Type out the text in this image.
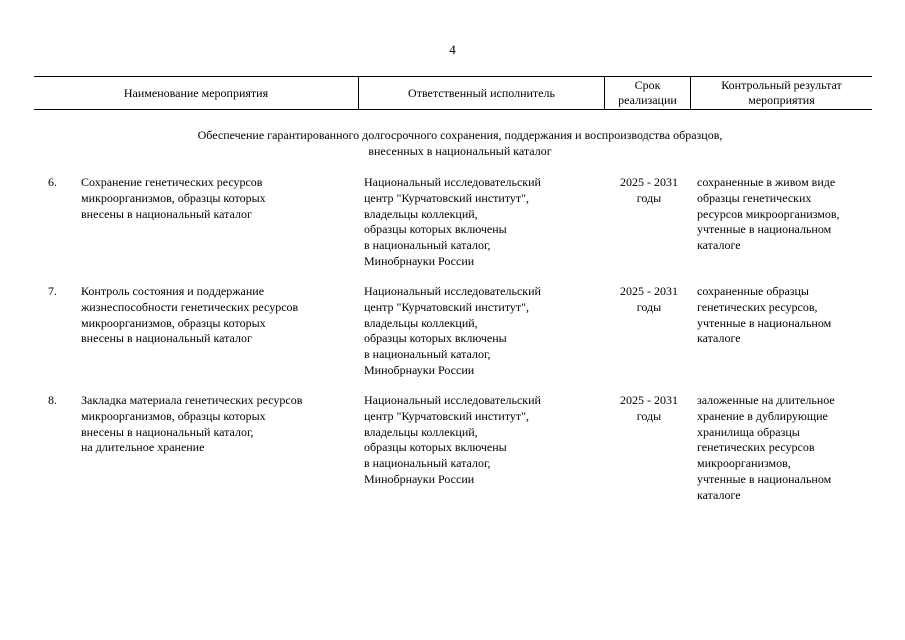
4
Наименование мероприятия	Ответственный исполнитель
Срок
реализации
Контрольный результат
мероприятия
Обеспечение гарантированного долгосрочного сохранения, поддержания и воспроизводства образцов,
внесенных в национальный каталог
6. Сохранение генетических ресурсов
микроорганизмов, образцы которых
внесены в национальный каталог
Национальный исследовательский
центр "Курчатовский институт",
владельцы коллекций,
образцы которых включены
в национальный каталог,
Минобрнауки России
2025 - 2031
годы
сохраненные в живом виде
образцы генетических
ресурсов микроорганизмов,
учтенные в национальном
каталоге
7. Контроль состояния и поддержание
жизнеспособности генетических ресурсов
микроорганизмов, образцы которых
внесены в национальный каталог
Национальный исследовательский
центр "Курчатовский институт",
владельцы коллекций,
образцы которых включены
в национальный каталог,
Минобрнауки России
2025 - 2031
годы
сохраненные образцы
генетических ресурсов,
учтенные в национальном
каталоге
8. Закладка материала генетических ресурсов
микроорганизмов, образцы которых
внесены в национальный каталог,
на длительное хранение
Национальный исследовательский
центр "Курчатовский институт",
владельцы коллекций,
образцы которых включены
в национальный каталог,
Минобрнауки России
2025 - 2031
годы
заложенные на длительное
хранение в дублирующие
хранилища образцы
генетических ресурсов
микроорганизмов,
учтенные в национальном
каталоге
